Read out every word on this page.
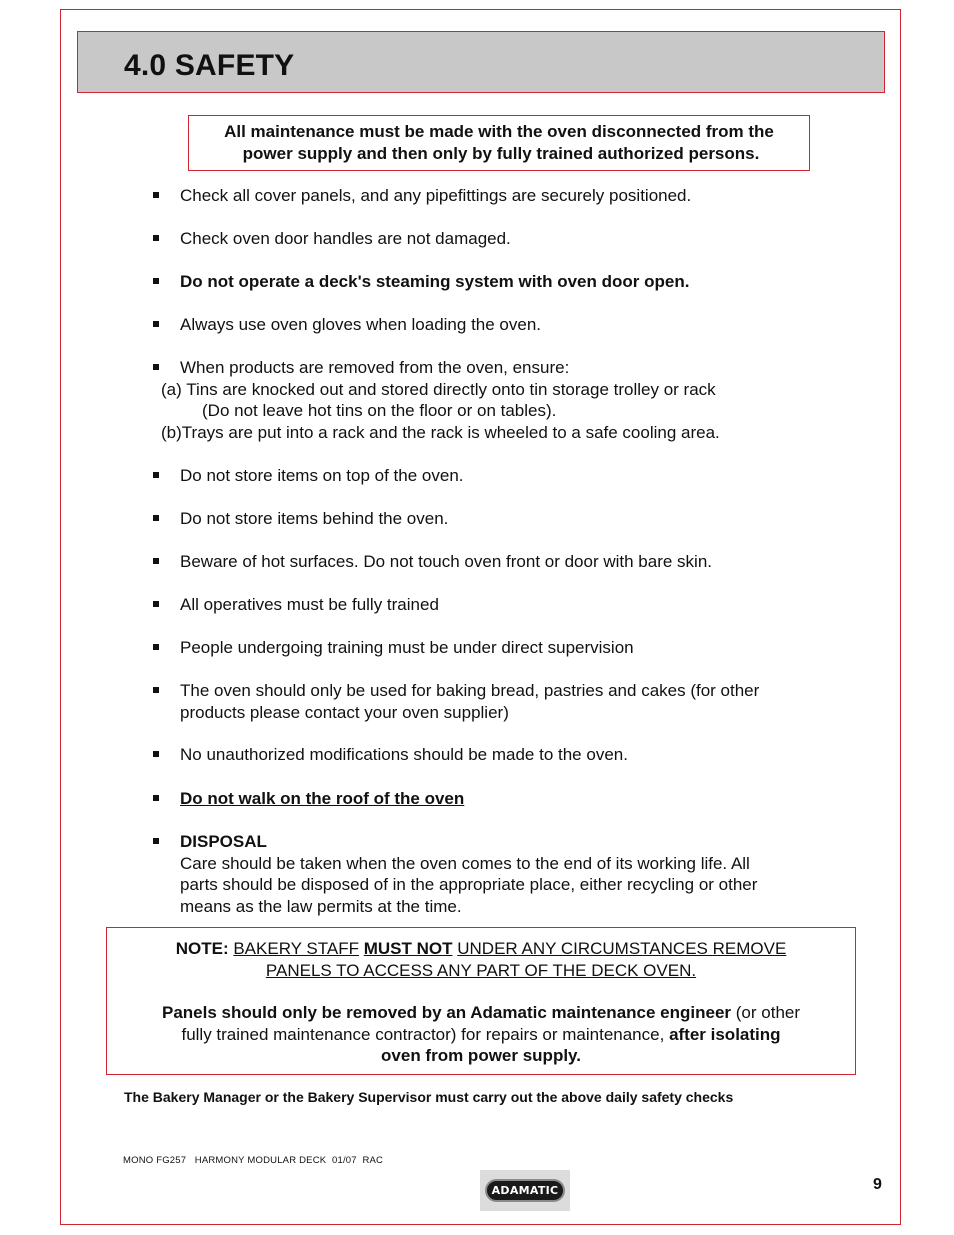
4.0 SAFETY
All maintenance must be made with the oven disconnected from the
power supply and then only by fully trained authorized persons.
Check all cover panels, and any pipefittings are securely positioned.
Check oven door handles are not damaged.
Do not operate a deck's steaming system with oven door open.
Always use oven gloves when loading the oven.
When products are removed from the oven, ensure:
(a) Tins are knocked out and stored directly onto tin storage trolley or rack
(Do not leave hot tins on the floor or on tables).
(b)Trays are put into a rack and the rack is wheeled to a safe cooling area.
Do not store items on top of the oven.
Do not store items behind the oven.
Beware of hot surfaces. Do not touch oven front or door with bare skin.
All operatives must be fully trained
People undergoing training must be under direct supervision
The oven should only be used for baking bread, pastries and cakes (for other
products please contact your oven supplier)
No unauthorized modifications should be made to the oven.
Do not walk on the roof of the oven
DISPOSAL
Care should be taken when the oven comes to the end of its working life. All
parts should be disposed of in the appropriate place, either recycling or other
means as the law permits at the time.

NOTE: BAKERY STAFF MUST NOT UNDER ANY CIRCUMSTANCES REMOVE
PANELS TO ACCESS ANY PART OF THE DECK OVEN.

Panels should only be removed by an Adamatic maintenance engineer (or other
fully trained maintenance contractor) for repairs or maintenance, after isolating
oven from power supply.

The Bakery Manager or the Bakery Supervisor must carry out the above daily safety checks
MONO FG257   HARMONY MODULAR DECK  01/07  RAC
ADAMATIC	9
